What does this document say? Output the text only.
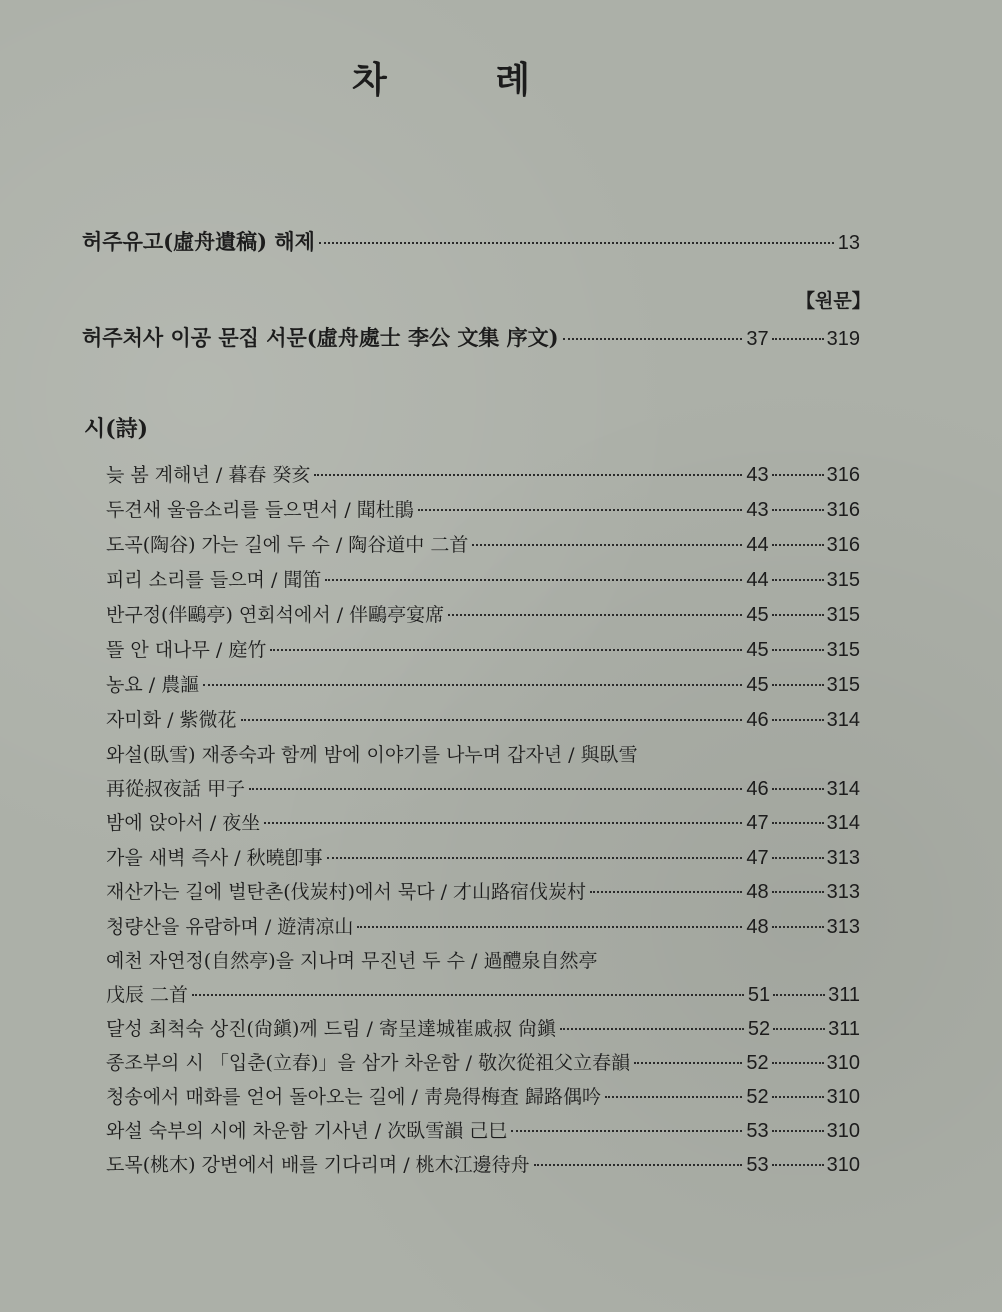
차 례
허주유고(虛舟遺稿) 해제	13
【원문】
허주처사 이공 문집 서문(虛舟處士 李公 文集 序文)	37	319
시(詩)
늦 봄 계해년 / 暮春 癸亥	43	316
두견새 울음소리를 들으면서 / 聞杜鵑	43	316
도곡(陶谷) 가는 길에 두 수 / 陶谷道中 二首	44	316
피리 소리를 들으며 / 聞笛	44	315
반구정(伴鷗亭) 연회석에서 / 伴鷗亭宴席	45	315
뜰 안 대나무 / 庭竹	45	315
농요 / 農謳	45	315
자미화 / 紫微花	46	314
와설(臥雪) 재종숙과 함께 밤에 이야기를 나누며 갑자년 / 與臥雪
再從叔夜話 甲子	46	314
밤에 앉아서 / 夜坐	47	314
가을 새벽 즉사 / 秋曉卽事	47	313
재산가는 길에 벌탄촌(伐炭村)에서 묵다 / 才山路宿伐炭村	48	313
청량산을 유람하며 / 遊淸凉山	48	313
예천 자연정(自然亭)을 지나며 무진년 두 수 / 過醴泉自然亭
戊辰 二首	51	311
달성 최척숙 상진(尙鎭)께 드림 / 寄呈達城崔戚叔 尙鎭	52	311
종조부의 시 「입춘(立春)」을 삼가 차운함 / 敬次從祖父立春韻	52	310
청송에서 매화를 얻어 돌아오는 길에 / 靑鳧得梅査 歸路偶吟	52	310
와설 숙부의 시에 차운함 기사년 / 次臥雪韻 己巳	53	310
도목(桃木) 강변에서 배를 기다리며 / 桃木江邊待舟	53	310
